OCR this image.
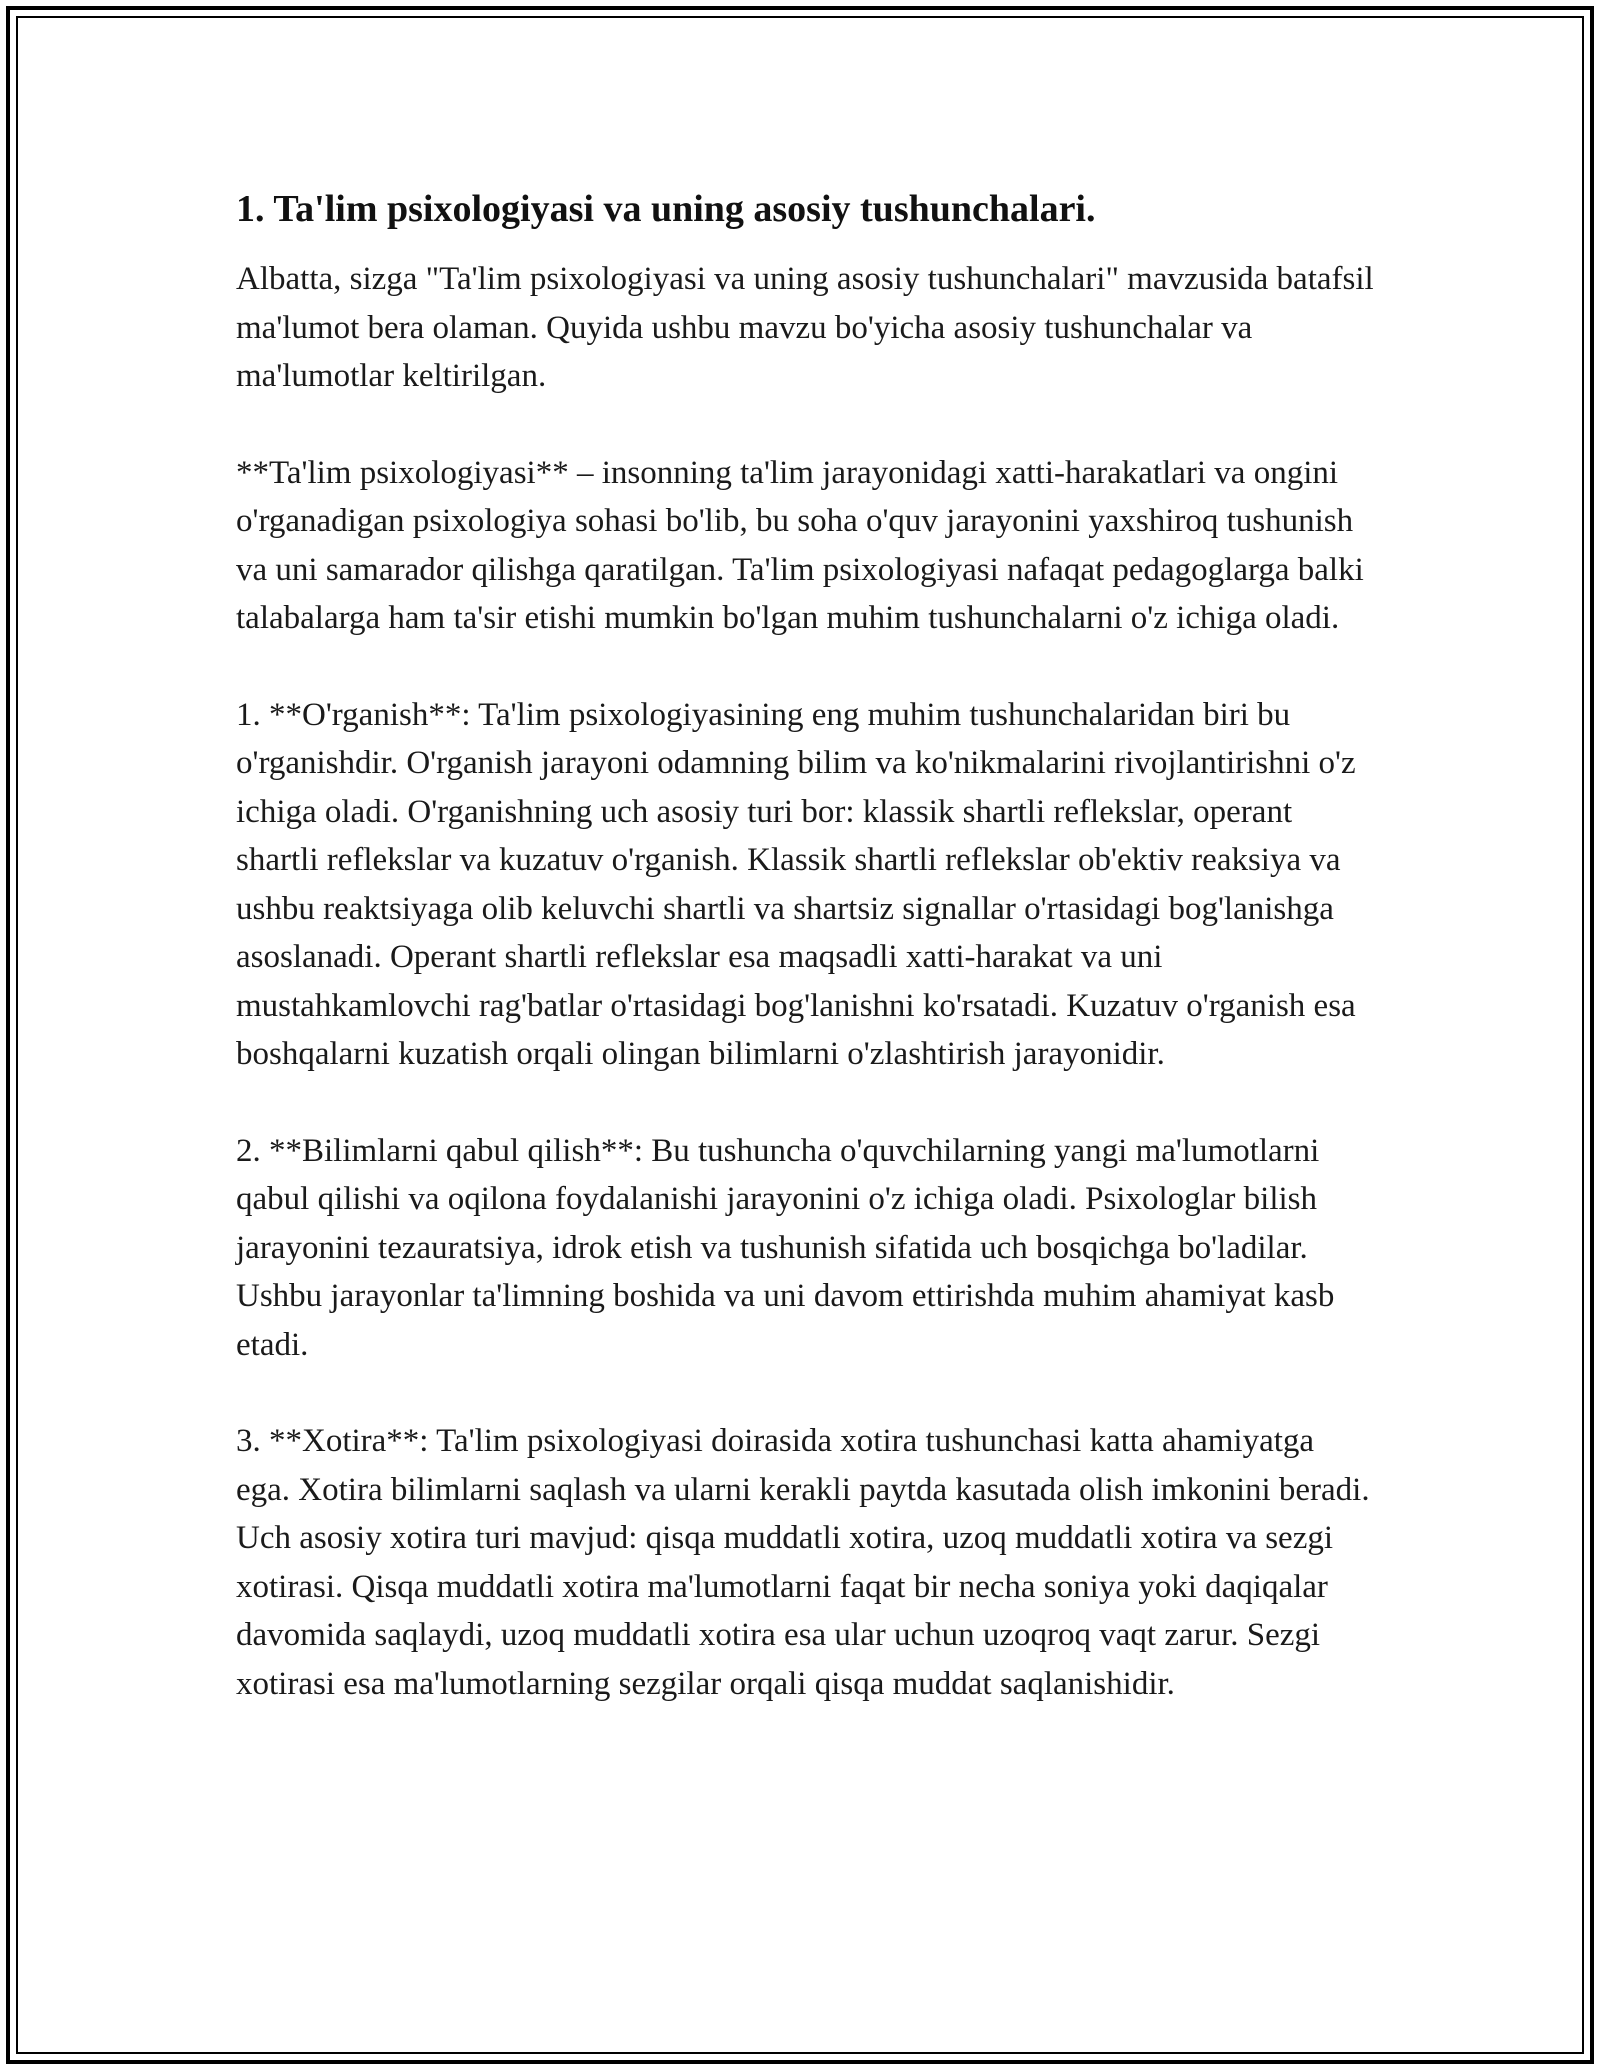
1. Ta'lim psixologiyasi va uning asosiy tushunchalari.

Albatta, sizga "Ta'lim psixologiyasi va uning asosiy tushunchalari" mavzusida batafsil ma'lumot bera olaman. Quyida ushbu mavzu bo'yicha asosiy tushunchalar va ma'lumotlar keltirilgan.

**Ta'lim psixologiyasi** – insonning ta'lim jarayonidagi xatti-harakatlari va ongini o'rganadigan psixologiya sohasi bo'lib, bu soha o'quv jarayonini yaxshiroq tushunish va uni samarador qilishga qaratilgan. Ta'lim psixologiyasi nafaqat pedagoglarga balki talabalarga ham ta'sir etishi mumkin bo'lgan muhim tushunchalarni o'z ichiga oladi.

1. **O'rganish**: Ta'lim psixologiyasining eng muhim tushunchalaridan biri bu o'rganishdir. O'rganish jarayoni odamning bilim va ko'nikmalarini rivojlantirishni o'z ichiga oladi. O'rganishning uch asosiy turi bor: klassik shartli reflekslar, operant shartli reflekslar va kuzatuv o'rganish. Klassik shartli reflekslar ob'ektiv reaksiya va ushbu reaktsiyaga olib keluvchi shartli va shartsiz signallar o'rtasidagi bog'lanishga asoslanadi. Operant shartli reflekslar esa maqsadli xatti-harakat va uni mustahkamlovchi rag'batlar o'rtasidagi bog'lanishni ko'rsatadi. Kuzatuv o'rganish esa boshqalarni kuzatish orqali olingan bilimlarni o'zlashtirish jarayonidir.

2. **Bilimlarni qabul qilish**: Bu tushuncha o'quvchilarning yangi ma'lumotlarni qabul qilishi va oqilona foydalanishi jarayonini o'z ichiga oladi. Psixologlar bilish jarayonini tezauratsiya, idrok etish va tushunish sifatida uch bosqichga bo'ladilar. Ushbu jarayonlar ta'limning boshida va uni davom ettirishda muhim ahamiyat kasb etadi.

3. **Xotira**: Ta'lim psixologiyasi doirasida xotira tushunchasi katta ahamiyatga ega. Xotira bilimlarni saqlash va ularni kerakli paytda kasutada olish imkonini beradi. Uch asosiy xotira turi mavjud: qisqa muddatli xotira, uzoq muddatli xotira va sezgi xotirasi. Qisqa muddatli xotira ma'lumotlarni faqat bir necha soniya yoki daqiqalar davomida saqlaydi, uzoq muddatli xotira esa ular uchun uzoqroq vaqt zarur. Sezgi xotirasi esa ma'lumotlarning sezgilar orqali qisqa muddat saqlanishidir.
